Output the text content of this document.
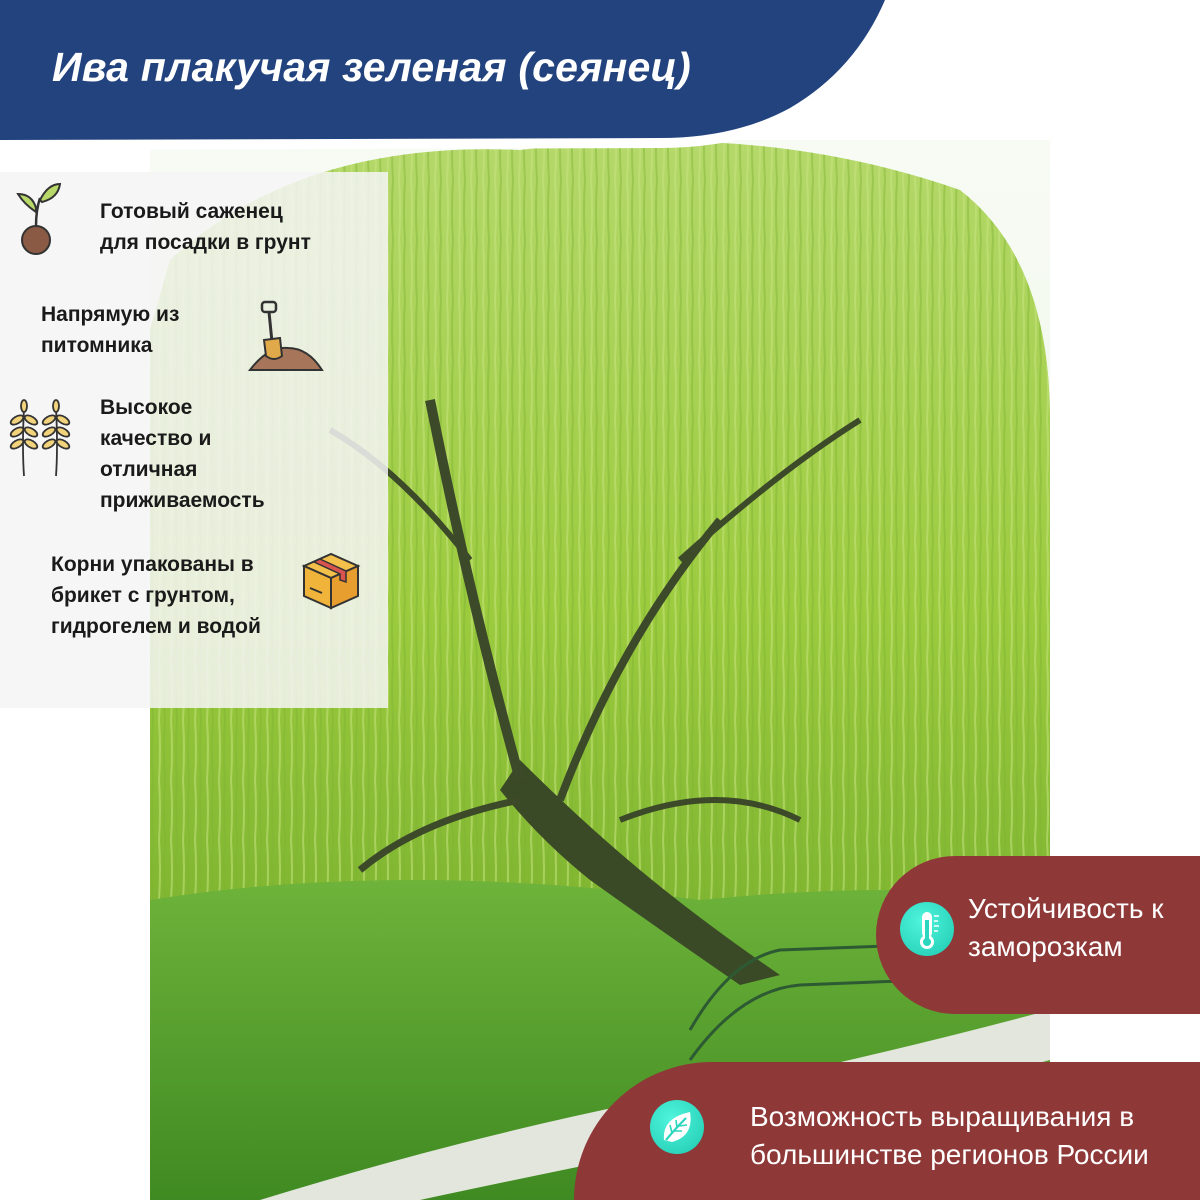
Ива плакучая зеленая (сеянец)

Готовый саженец
для посадки в грунт

Напрямую из
питомника

Высокое
качество и
отличная
приживаемость

Корни упакованы в
брикет с грунтом,
гидрогелем и водой

Устойчивость к
заморозкам

Возможность выращивания в
большинстве регионов России
